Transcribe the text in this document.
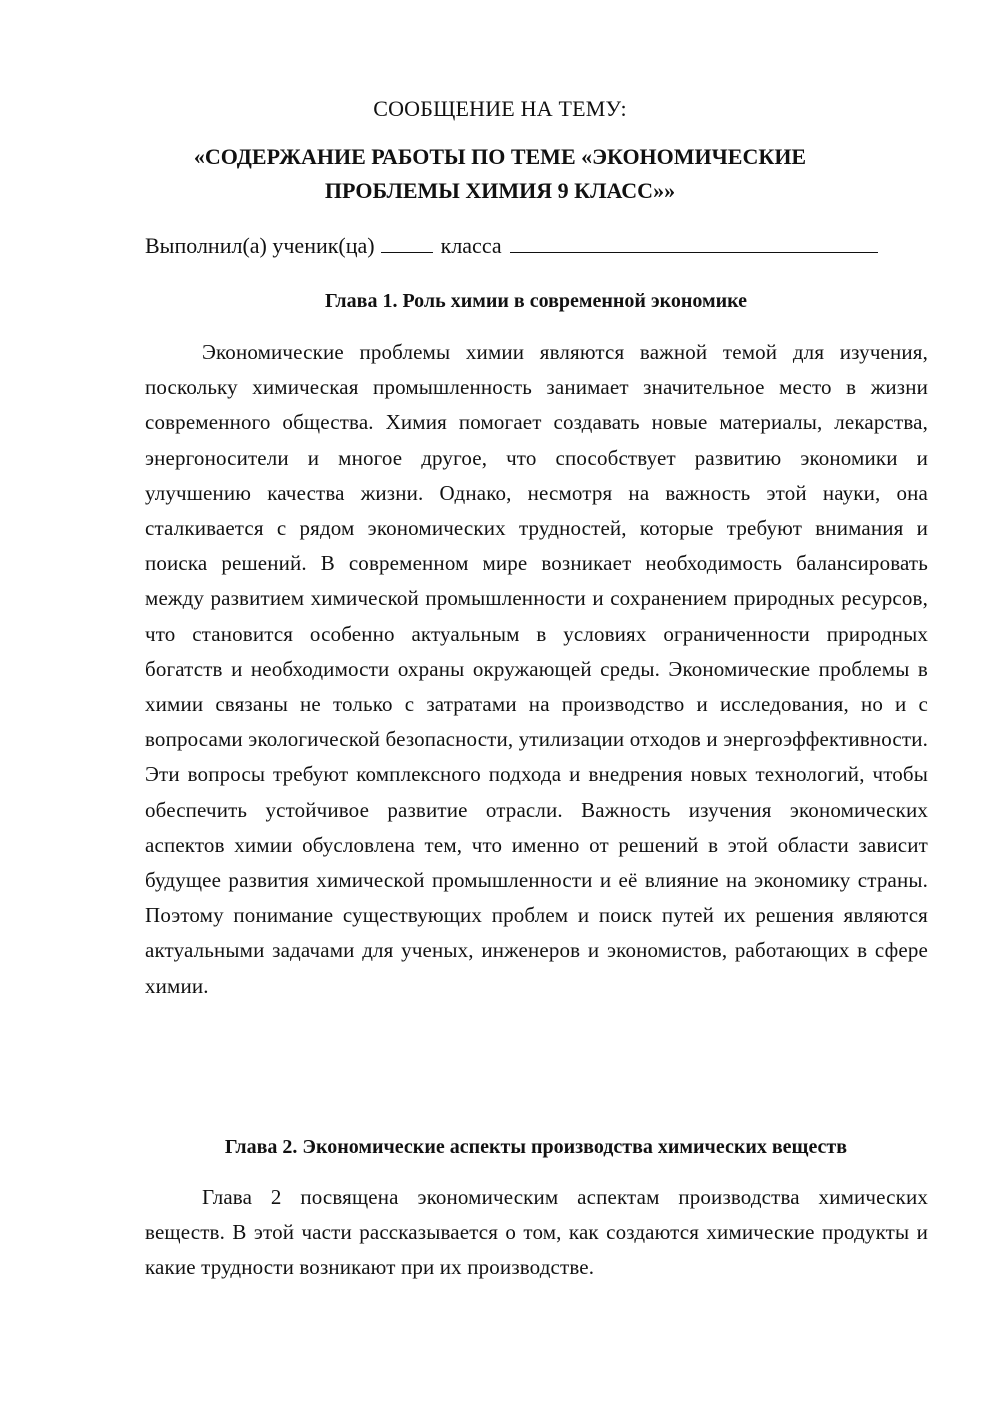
СООБЩЕНИЕ НА ТЕМУ:
«СОДЕРЖАНИЕ РАБОТЫ ПО ТЕМЕ «ЭКОНОМИЧЕСКИЕ
ПРОБЛЕМЫ ХИМИЯ 9 КЛАСС»»
Выполнил(а) ученик(ца)	класса
Глава 1. Роль химии в современной экономике
Экономические проблемы химии являются важной темой для изучения, поскольку химическая промышленность занимает значительное место в жизни современного общества. Химия помогает создавать новые материалы, лекарства, энергоносители и многое другое, что способствует развитию экономики и улучшению качества жизни. Однако, несмотря на важность этой науки, она сталкивается с рядом экономических трудностей, которые требуют внимания и поиска решений. В современном мире возникает необходимость балансировать между развитием химической промышленности и сохранением природных ресурсов, что становится особенно актуальным в условиях ограниченности природных богатств и необходимости охраны окружающей среды. Экономические проблемы в химии связаны не только с затратами на производство и исследования, но и с вопросами экологической безопасности, утилизации отходов и энергоэффективности. Эти вопросы требуют комплексного подхода и внедрения новых технологий, чтобы обеспечить устойчивое развитие отрасли. Важность изучения экономических аспектов химии обусловлена тем, что именно от решений в этой области зависит будущее развития химической промышленности и её влияние на экономику страны. Поэтому понимание существующих проблем и поиск путей их решения являются актуальными задачами для ученых, инженеров и экономистов, работающих в сфере химии.
Глава 2. Экономические аспекты производства химических веществ
Глава 2 посвящена экономическим аспектам производства химических веществ. В этой части рассказывается о том, как создаются химические продукты и какие трудности возникают при их производстве.
